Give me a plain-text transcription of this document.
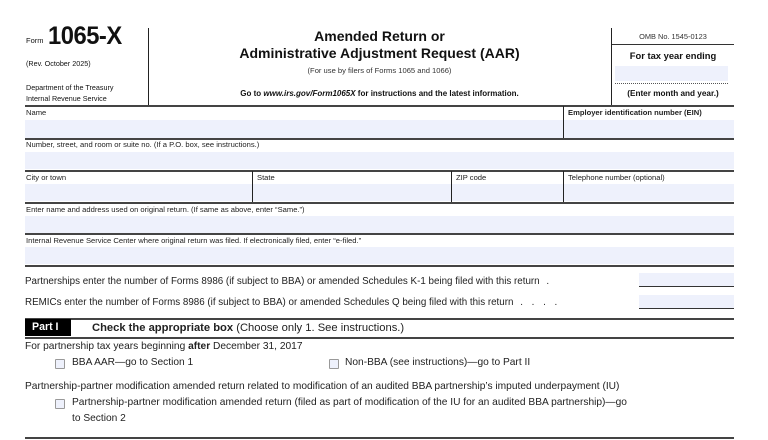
Form 1065-X
(Rev. October 2025)
Department of the Treasury
Internal Revenue Service
Amended Return or
Administrative Adjustment Request (AAR)
(For use by filers of Forms 1065 and 1066)
Go to www.irs.gov/Form1065X for instructions and the latest information.
OMB No. 1545-0123
For tax year ending
(Enter month and year.)
Name	Employer identification number (EIN)
Number, street, and room or suite no. (If a P.O. box, see instructions.)
City or town	State	ZIP code	Telephone number (optional)
Enter name and address used on original return. (If same as above, enter “Same.”)
Internal Revenue Service Center where original return was filed. If electronically filed, enter “e-filed.”
Partnerships enter the number of Forms 8986 (if subject to BBA) or amended Schedules K-1 being filed with this return .
REMICs enter the number of Forms 8986 (if subject to BBA) or amended Schedules Q being filed with this return . . . .
Part I	Check the appropriate box (Choose only 1. See instructions.)
For partnership tax years beginning after December 31, 2017
BBA AAR—go to Section 1	Non-BBA (see instructions)—go to Part II
Partnership-partner modification amended return related to modification of an audited BBA partnership’s imputed underpayment (IU)
Partnership-partner modification amended return (filed as part of modification of the IU for an audited BBA partnership)—go
to Section 2
